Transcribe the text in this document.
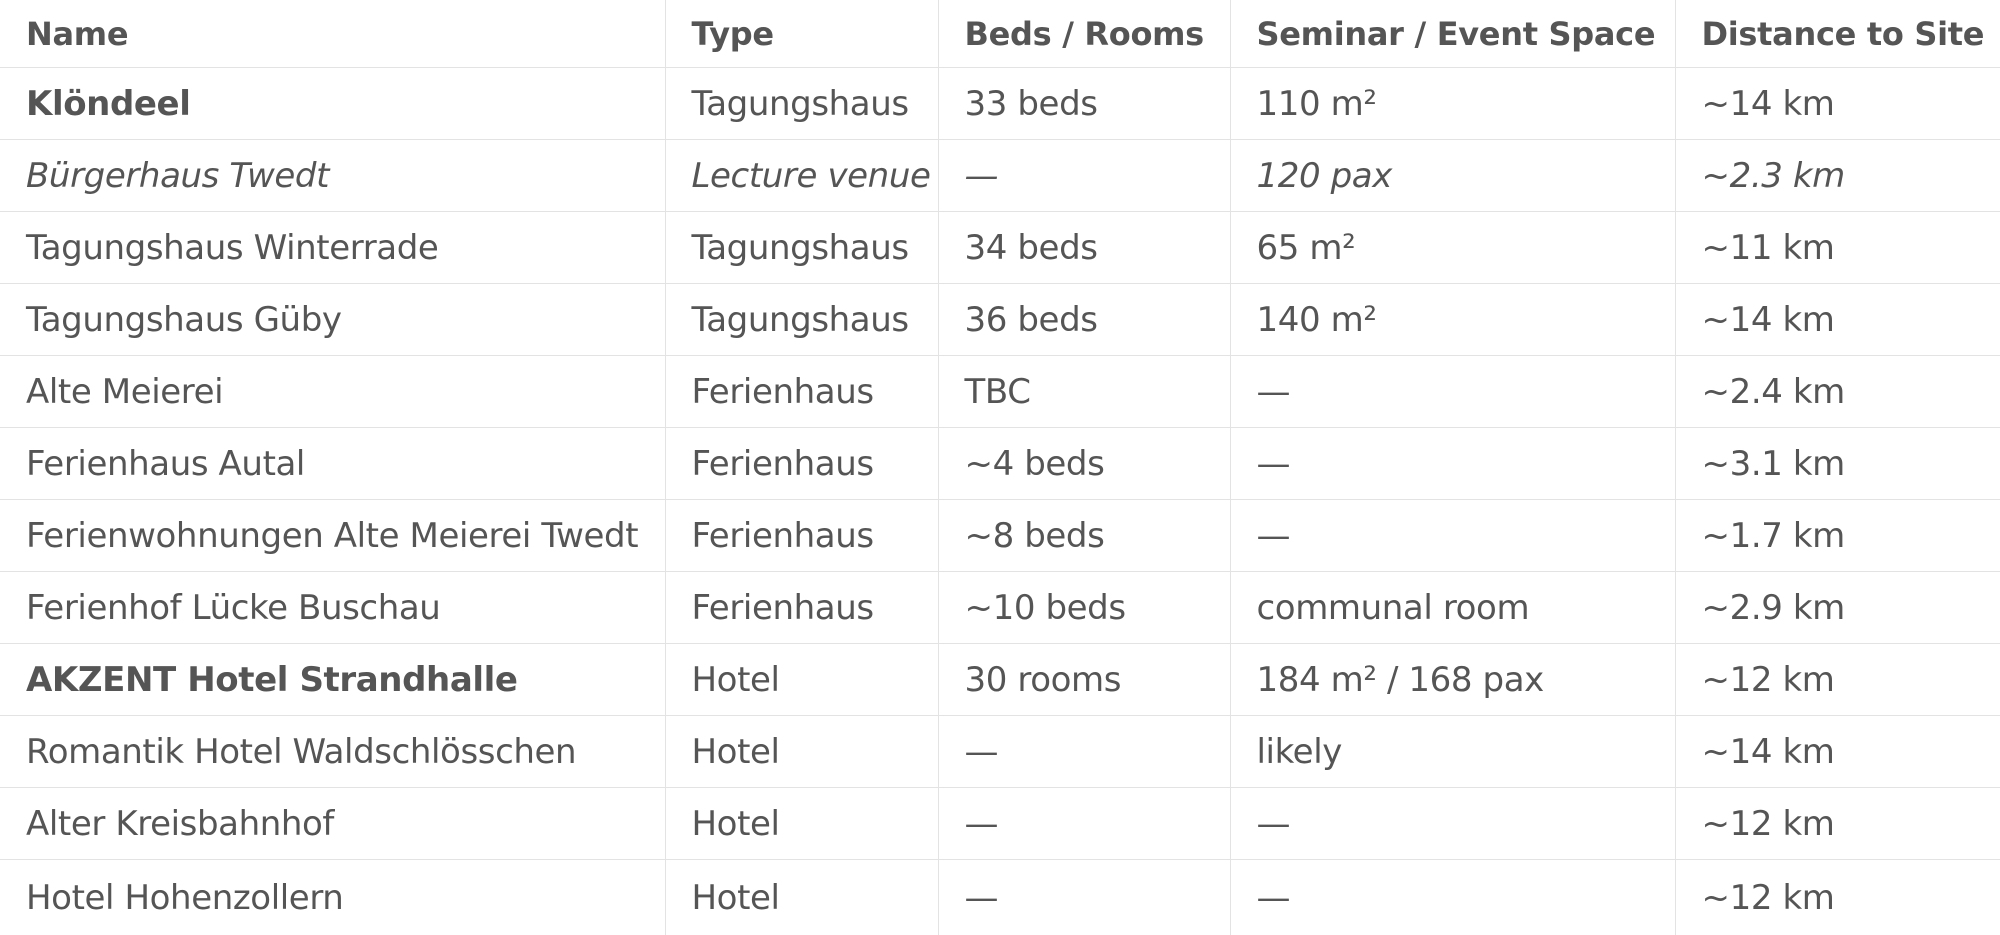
Name	Type	Beds / Rooms	Seminar / Event Space	Distance to Site
Klöndeel	Tagungshaus	33 beds	110 m²	~14 km
Bürgerhaus Twedt	Lecture venue	—	120 pax	~2.3 km
Tagungshaus Winterrade	Tagungshaus	34 beds	65 m²	~11 km
Tagungshaus Güby	Tagungshaus	36 beds	140 m²	~14 km
Alte Meierei	Ferienhaus	TBC	—	~2.4 km
Ferienhaus Autal	Ferienhaus	~4 beds	—	~3.1 km
Ferienwohnungen Alte Meierei Twedt	Ferienhaus	~8 beds	—	~1.7 km
Ferienhof Lücke Buschau	Ferienhaus	~10 beds	communal room	~2.9 km
AKZENT Hotel Strandhalle	Hotel	30 rooms	184 m² / 168 pax	~12 km
Romantik Hotel Waldschlösschen	Hotel	—	likely	~14 km
Alter Kreisbahnhof	Hotel	—	—	~12 km
Hotel Hohenzollern	Hotel	—	—	~12 km
